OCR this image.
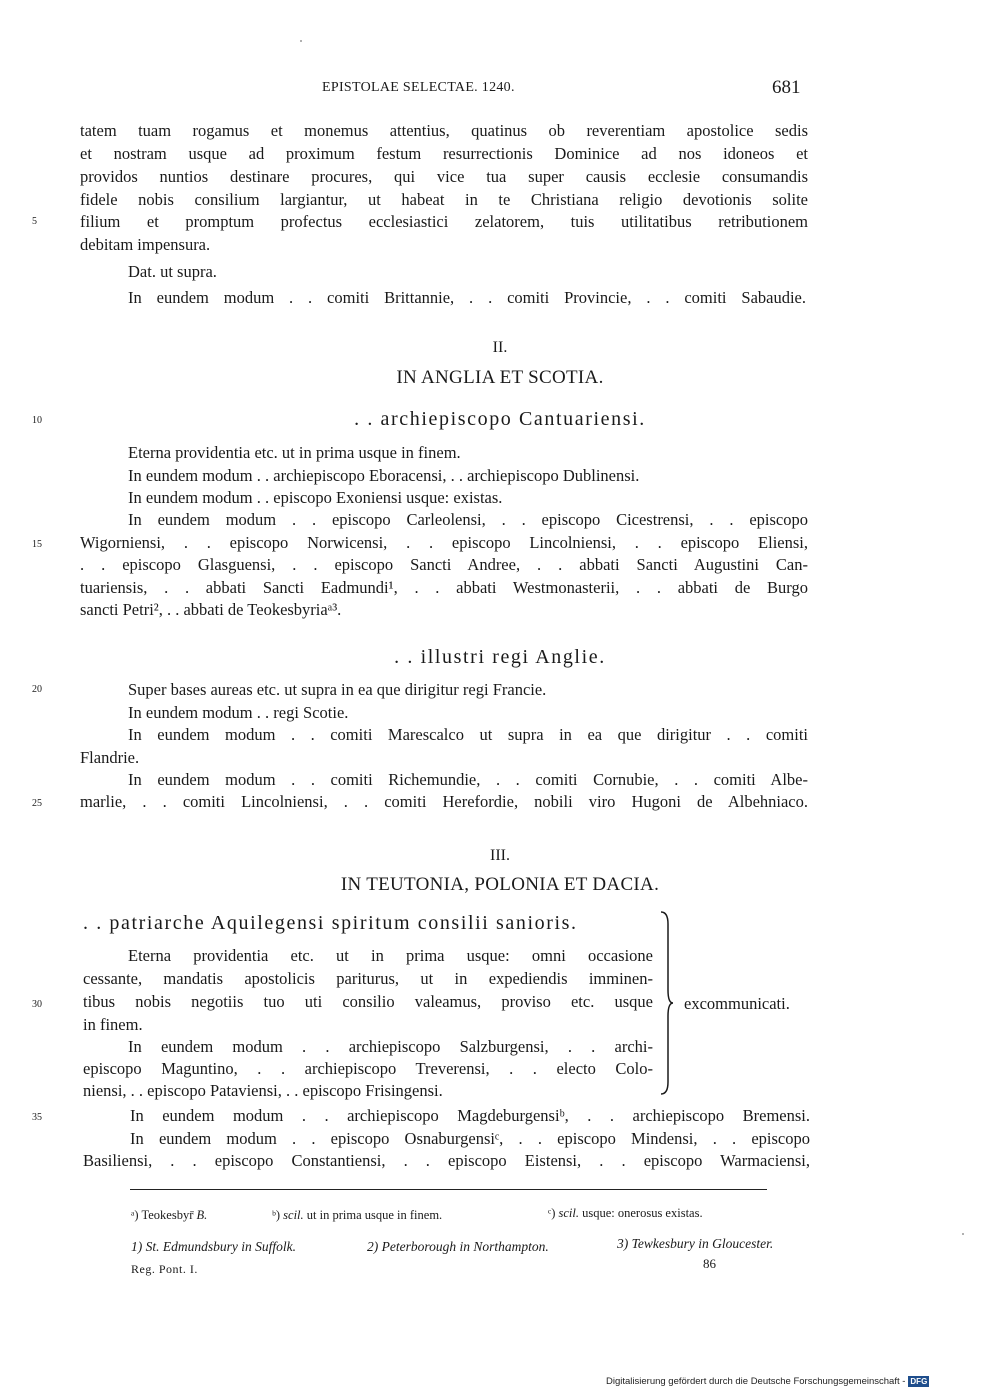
EPISTOLAE SELECTAE. 1240.	681
tatem tuam rogamus et monemus attentius, quatinus ob reverentiam apostolice sedis
et nostram usque ad proximum festum resurrectionis Dominice ad nos idoneos et
providos nuntios destinare procures, qui vice tua super causis ecclesie consumandis
fidele nobis consilium largiantur, ut habeat in te Christiana religio devotionis solite
filium et promptum profectus ecclesiastici zelatorem, tuis utilitatibus retributionem
debitam impensura.
Dat. ut supra.
In eundem modum . . comiti Brittannie, . . comiti Provincie, . . comiti Sabaudie.
II.
IN ANGLIA ET SCOTIA.
. . archiepiscopo Cantuariensi.
Eterna providentia etc. ut in prima usque in finem.
In eundem modum . . archiepiscopo Eboracensi, . . archiepiscopo Dublinensi.
In eundem modum . . episcopo Exoniensi usque: existas.
In eundem modum . . episcopo Carleolensi, . . episcopo Cicestrensi, . . episcopo
Wigorniensi, . . episcopo Norwicensi, . . episcopo Lincolniensi, . . episcopo Eliensi,
. . episcopo Glasguensi, . . episcopo Sancti Andree, . . abbati Sancti Augustini Can-
tuariensis, . . abbati Sancti Eadmundi¹, . . abbati Westmonasterii, . . abbati de Burgo
sancti Petri², . . abbati de Teokesbyriaᵃ³.
. . illustri regi Anglie.
Super bases aureas etc. ut supra in ea que dirigitur regi Francie.
In eundem modum . . regi Scotie.
In eundem modum . . comiti Marescalco ut supra in ea que dirigitur . . comiti
Flandrie.
In eundem modum . . comiti Richemundie, . . comiti Cornubie, . . comiti Albe-
marlie, . . comiti Lincolniensi, . . comiti Herefordie, nobili viro Hugoni de Albehniaco.
III.
IN TEUTONIA, POLONIA ET DACIA.
. . patriarche Aquilegensi spiritum consilii sanioris.
Eterna providentia etc. ut in prima usque: omni occasione
cessante, mandatis apostolicis pariturus, ut in expediendis imminen-
tibus nobis negotiis tuo uti consilio valeamus, proviso etc. usque
in finem.
In eundem modum . . archiepiscopo Salzburgensi, . . archi-
episcopo Maguntino, . . archiepiscopo Treverensi, . . electo Colo-
niensi, . . episcopo Pataviensi, . . episcopo Frisingensi.
excommunicati.
In eundem modum . . archiepiscopo Magdeburgensiᵇ, . . archiepiscopo Bremensi.
In eundem modum . . episcopo Osnaburgensiᶜ, . . episcopo Mindensi, . . episcopo
Basiliensi, . . episcopo Constantiensi, . . episcopo Eistensi, . . episcopo Warmaciensi,
5
10
15
20
25
30
35
ᵃ) Teokesbyr̄ B.	ᵇ) scil. ut in prima usque in finem.	ᶜ) scil. usque: onerosus existas.
1) St. Edmundsbury in Suffolk.	2) Peterborough in Northampton.	3) Tewkesbury in Gloucester.
Reg. Pont. I.	86
Digitalisierung gefördert durch die Deutsche Forschungsgemeinschaft - DFG
